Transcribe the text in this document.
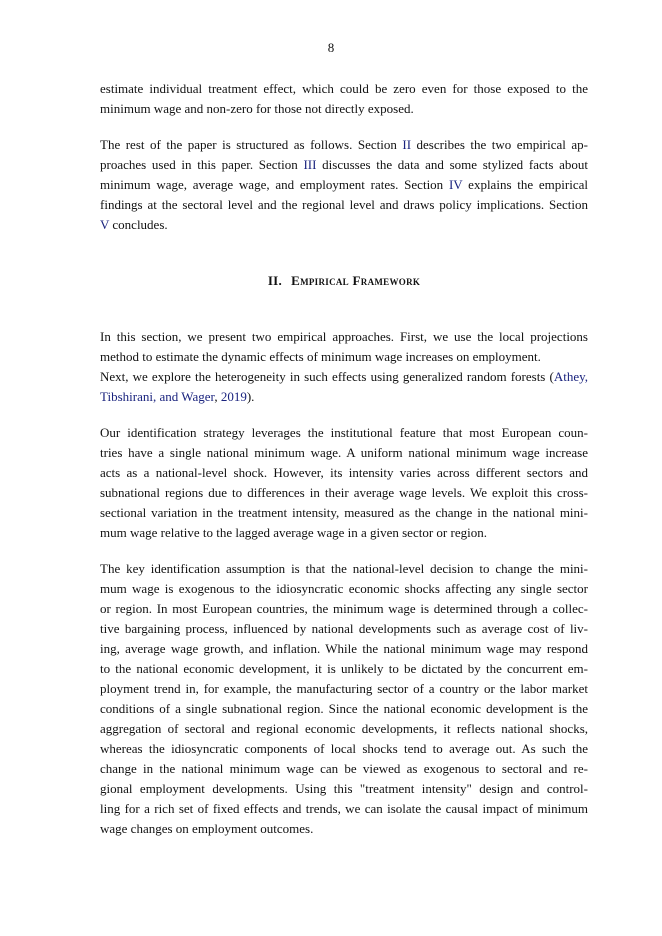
8
estimate individual treatment effect, which could be zero even for those exposed to the
minimum wage and non-zero for those not directly exposed.
The rest of the paper is structured as follows. Section II describes the two empirical ap-
proaches used in this paper. Section III discusses the data and some stylized facts about
minimum wage, average wage, and employment rates. Section IV explains the empirical
findings at the sectoral level and the regional level and draws policy implications. Section
V concludes.
II. Empirical Framework
In this section, we present two empirical approaches. First, we use the local projections
method to estimate the dynamic effects of minimum wage increases on employment.
Next, we explore the heterogeneity in such effects using generalized random forests (Athey,
Tibshirani, and Wager, 2019).
Our identification strategy leverages the institutional feature that most European coun-
tries have a single national minimum wage. A uniform national minimum wage increase
acts as a national-level shock. However, its intensity varies across different sectors and
subnational regions due to differences in their average wage levels. We exploit this cross-
sectional variation in the treatment intensity, measured as the change in the national mini-
mum wage relative to the lagged average wage in a given sector or region.
The key identification assumption is that the national-level decision to change the mini-
mum wage is exogenous to the idiosyncratic economic shocks affecting any single sector
or region. In most European countries, the minimum wage is determined through a collec-
tive bargaining process, influenced by national developments such as average cost of liv-
ing, average wage growth, and inflation. While the national minimum wage may respond
to the national economic development, it is unlikely to be dictated by the concurrent em-
ployment trend in, for example, the manufacturing sector of a country or the labor market
conditions of a single subnational region. Since the national economic development is the
aggregation of sectoral and regional economic developments, it reflects national shocks,
whereas the idiosyncratic components of local shocks tend to average out. As such the
change in the national minimum wage can be viewed as exogenous to sectoral and re-
gional employment developments. Using this "treatment intensity" design and control-
ling for a rich set of fixed effects and trends, we can isolate the causal impact of minimum
wage changes on employment outcomes.
